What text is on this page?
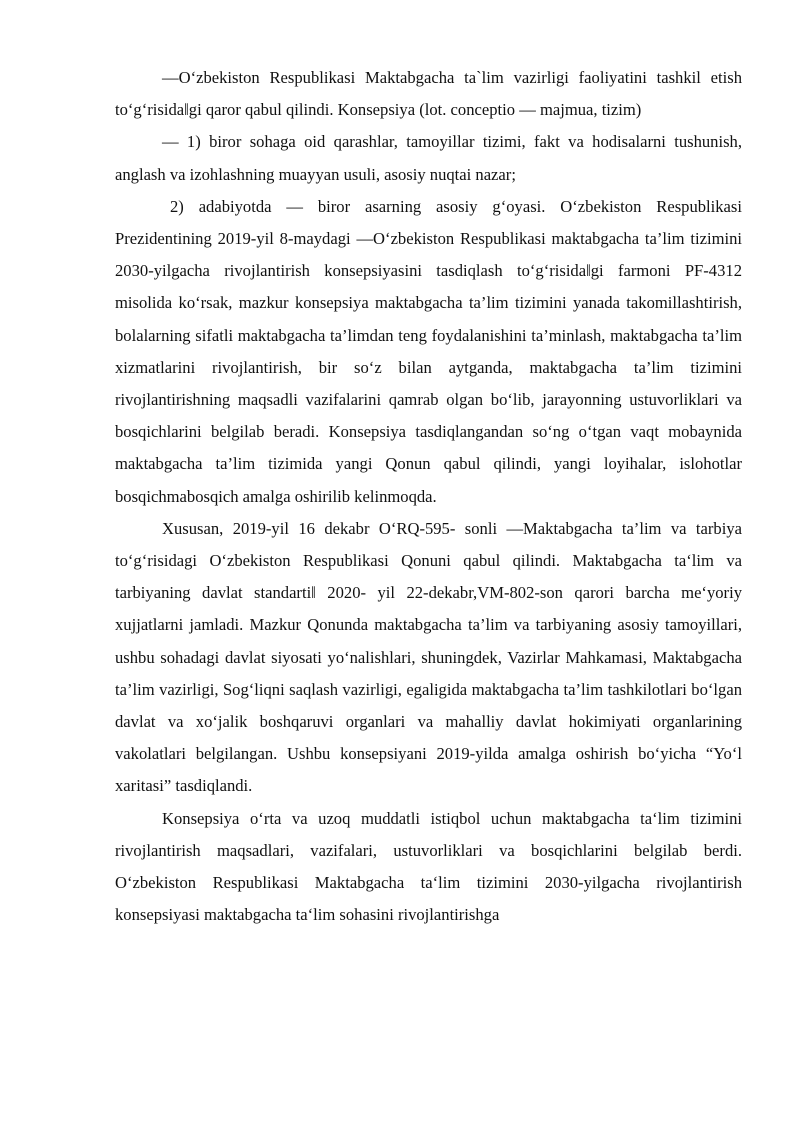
—O‘zbekiston Respublikasi Maktabgacha ta`lim vazirligi faoliyatini tashkil etish to‘g‘risida‖gi qaror qabul qilindi. Konsepsiya (lot. conceptio — majmua, tizim)

— 1) biror sohaga oid qarashlar, tamoyillar tizimi, fakt va hodisalarni tushunish, anglash va izohlashning muayyan usuli, asosiy nuqtai nazar;

2) adabiyotda — biror asarning asosiy g‘oyasi. O‘zbekiston Respublikasi Prezidentining 2019-yil 8-maydagi —O‘zbekiston Respublikasi maktabgacha ta’lim tizimini 2030-yilgacha rivojlantirish konsepsiyasini tasdiqlash to‘g‘risida‖gi farmoni PF-4312 misolida ko‘rsak, mazkur konsepsiya maktabgacha ta’lim tizimini yanada takomillashtirish, bolalarning sifatli maktabgacha ta’limdan teng foydalanishini ta’minlash, maktabgacha ta’lim xizmatlarini rivojlantirish, bir so‘z bilan aytganda, maktabgacha ta’lim tizimini rivojlantirishning maqsadli vazifalarini qamrab olgan bo‘lib, jarayonning ustuvorliklari va bosqichlarini belgilab beradi. Konsepsiya tasdiqlangandan so‘ng o‘tgan vaqt mobaynida maktabgacha ta’lim tizimida yangi Qonun qabul qilindi, yangi loyihalar, islohotlar bosqichmabosqich amalga oshirilib kelinmoqda.

Xususan, 2019-yil 16 dekabr O‘RQ-595- sonli —Maktabgacha ta’lim va tarbiya to‘g‘risidagi O‘zbekiston Respublikasi Qonuni qabul qilindi. Maktabgacha ta‘lim va tarbiyaning davlat standarti‖ 2020- yil 22-dekabr,VM-802-son qarori barcha me‘yoriy xujjatlarni jamladi. Mazkur Qonunda maktabgacha ta’lim va tarbiyaning asosiy tamoyillari, ushbu sohadagi davlat siyosati yo‘nalishlari, shuningdek, Vazirlar Mahkamasi, Maktabgacha ta’lim vazirligi, Sog‘liqni saqlash vazirligi, egaligida maktabgacha ta’lim tashkilotlari bo‘lgan davlat va xo‘jalik boshqaruvi organlari va mahalliy davlat hokimiyati organlarining vakolatlari belgilangan. Ushbu konsepsiyani 2019-yilda amalga oshirish bo‘yicha “Yo‘l xaritasi” tasdiqlandi.

Konsepsiya o‘rta va uzoq muddatli istiqbol uchun maktabgacha ta‘lim tizimini rivojlantirish maqsadlari, vazifalari, ustuvorliklari va bosqichlarini belgilab berdi. O‘zbekiston Respublikasi Maktabgacha ta‘lim tizimini 2030-yilgacha rivojlantirish konsepsiyasi maktabgacha ta‘lim sohasini rivojlantirishga
